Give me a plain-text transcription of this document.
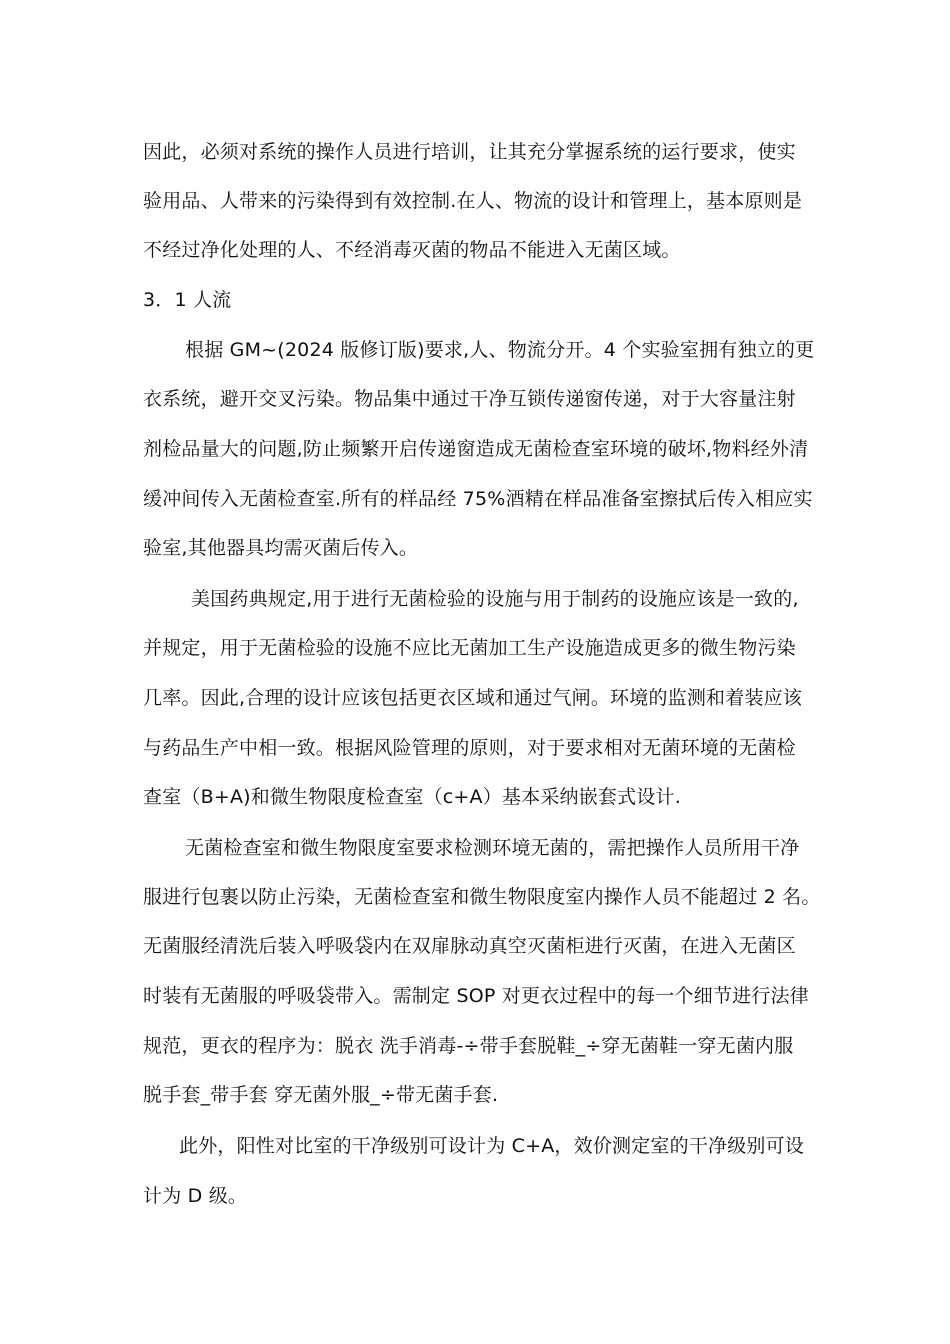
因此，必须对系统的操作人员进行培训，让其充分掌握系统的运行要求，使实
验用品、人带来的污染得到有效控制.在人、物流的设计和管理上，基本原则是
不经过净化处理的人、不经消毒灭菌的物品不能进入无菌区域。
3．1 人流
根据 GM~(2024 版修订版)要求,人、物流分开。4 个实验室拥有独立的更
衣系统，避开交叉污染。物品集中通过干净互锁传递窗传递，对于大容量注射
剂检品量大的问题,防止频繁开启传递窗造成无菌检查室环境的破坏,物料经外清
缓冲间传入无菌检查室.所有的样品经 75%酒精在样品准备室擦拭后传入相应实
验室,其他器具均需灭菌后传入。
美国药典规定,用于进行无菌检验的设施与用于制药的设施应该是一致的,
并规定，用于无菌检验的设施不应比无菌加工生产设施造成更多的微生物污染
几率。因此,合理的设计应该包括更衣区域和通过气闸。环境的监测和着装应该
与药品生产中相一致。根据风险管理的原则，对于要求相对无菌环境的无菌检
查室（B+A)和微生物限度检查室（c+A）基本采纳嵌套式设计.
无菌检查室和微生物限度室要求检测环境无菌的，需把操作人员所用干净
服进行包裹以防止污染，无菌检查室和微生物限度室内操作人员不能超过 2 名。
无菌服经清洗后装入呼吸袋内在双扉脉动真空灭菌柜进行灭菌，在进入无菌区
时装有无菌服的呼吸袋带入。需制定 SOP 对更衣过程中的每一个细节进行法律
规范，更衣的程序为：脱衣 洗手消毒-÷带手套脱鞋_÷穿无菌鞋一穿无菌内服
脱手套_带手套 穿无菌外服_÷带无菌手套.
此外，阳性对比室的干净级别可设计为 C+A，效价测定室的干净级别可设
计为 D 级。
